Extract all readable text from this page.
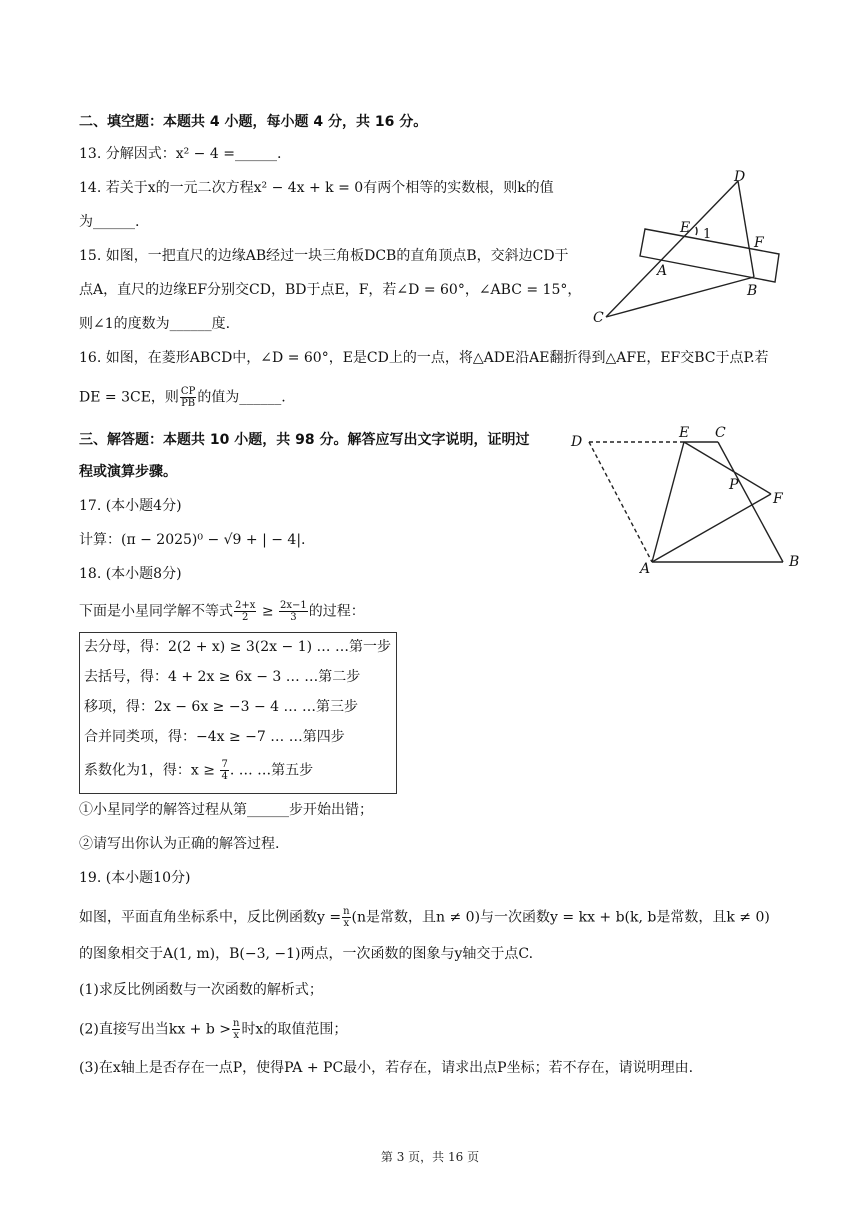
二、填空题：本题共 4 小题，每小题 4 分，共 16 分。
13. 分解因式：x² − 4 =______.
14. 若关于x的一元二次方程x² − 4x + k = 0有两个相等的实数根，则k的值
为______.
15. 如图，一把直尺的边缘AB经过一块三角板DCB的直角顶点B，交斜边CD于
点A，直尺的边缘EF分别交CD，BD于点E，F，若∠D = 60°，∠ABC = 15°，
则∠1的度数为______度.
16. 如图，在菱形ABCD中，∠D = 60°，E是CD上的一点，将△ADE沿AE翻折得到△AFE，EF交BC于点P.若
DE = 3CE，则 $\frac{CP}{PB}$ 的值为______.
三、解答题：本题共 10 小题，共 98 分。解答应写出文字说明，证明过
程或演算步骤。
17. (本小题4分)
计算：(π − 2025)⁰ − √9 + | − 4|.
18. (本小题8分)
下面是小星同学解不等式 $\frac{2+x}{2} \ge \frac{2x-1}{3}$ 的过程：
去分母，得：2(2 + x) ≥ 3(2x − 1) … …第一步
去括号，得：4 + 2x ≥ 6x − 3 … …第二步
移项，得：2x − 6x ≥ −3 − 4 … …第三步
合并同类项，得：−4x ≥ −7 … …第四步
系数化为1，得：$x \ge \frac{7}{4}$ . … …第五步
①小星同学的解答过程从第______步开始出错；
②请写出你认为正确的解答过程.
19. (本小题10分)
如图，平面直角坐标系中，反比例函数$y = \frac{n}{x} (n$是常数，且n ≠ 0)与一次函数y = kx + b(k, b是常数，且k ≠ 0)
的图象相交于A(1, m)，B(−3, −1)两点，一次函数的图象与y轴交于点C.
(1)求反比例函数与一次函数的解析式；
(2)直接写出当kx + $b > \frac{n}{x}$ 时x的取值范围；
(3)在x轴上是否存在一点P，使得PA + PC最小，若存在，请求出点P坐标；若不存在，请说明理由.
D
E 1
F
A
B
C
D
E C
P
F
A	B
第 3 页，共 16 页
